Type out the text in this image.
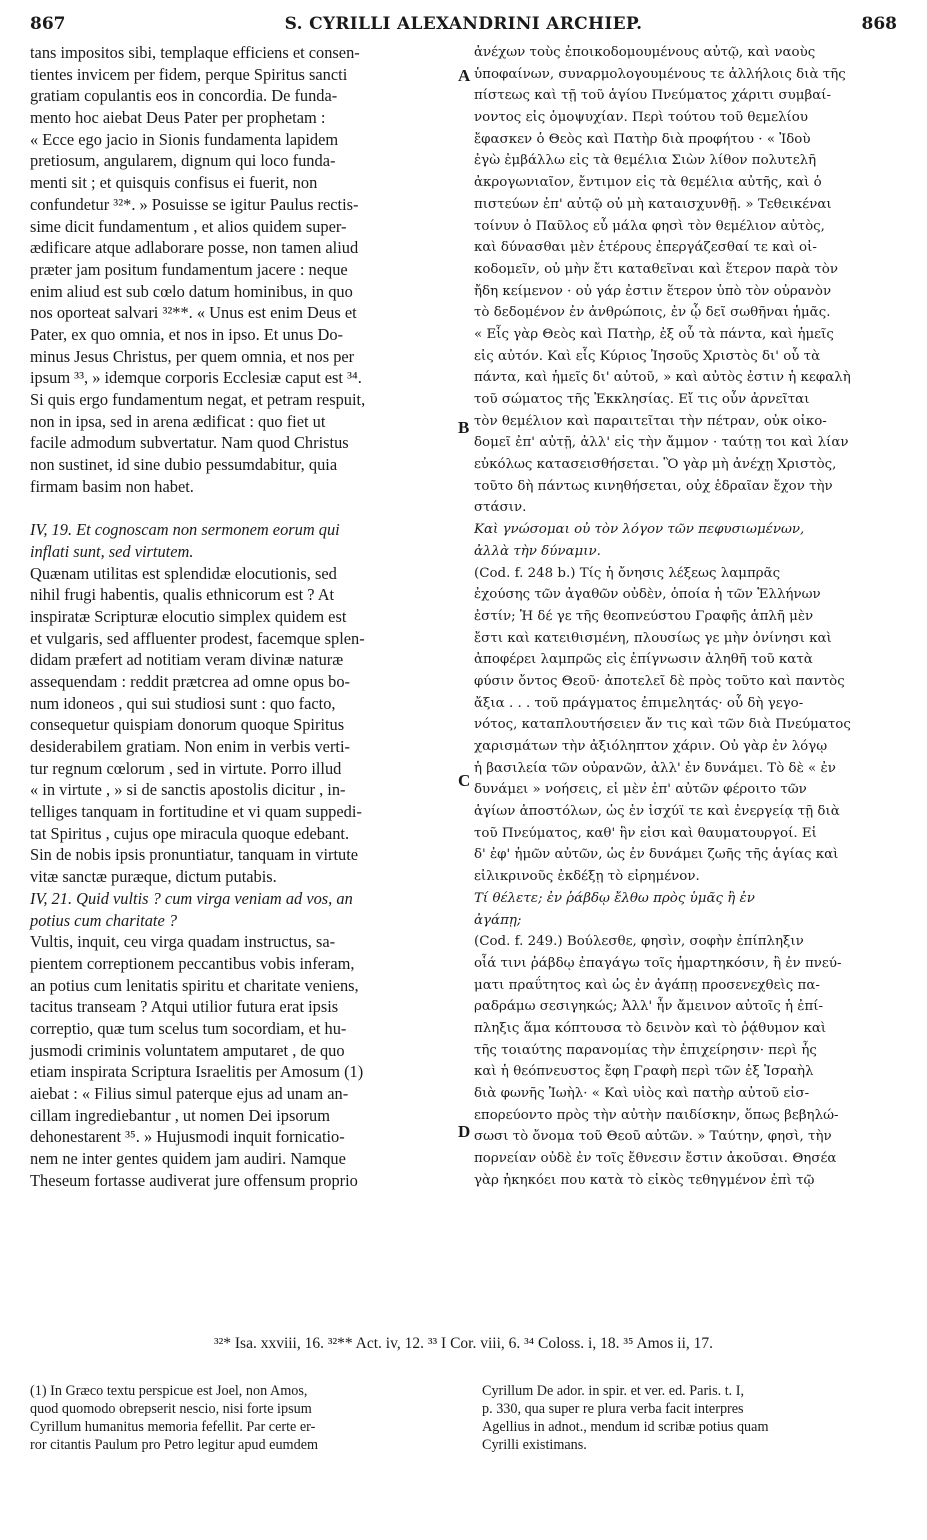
867	S. CYRILLI ALEXANDRINI ARCHIEP.	868
tans impositos sibi, templaque efficiens et consen-
tientes invicem per fidem, perque Spiritus sancti
gratiam copulantis eos in concordia. De funda-
mento hoc aiebat Deus Pater per prophetam :
« Ecce ego jacio in Sionis fundamenta lapidem
pretiosum, angularem, dignum qui loco funda-
menti sit ; et quisquis confisus ei fuerit, non
confundetur ³²*. » Posuisse se igitur Paulus rectis-
sime dicit fundamentum , et alios quidem super-
ædificare atque adlaborare posse, non tamen aliud
præter jam positum fundamentum jacere : neque
enim aliud est sub cœlo datum hominibus, in quo
nos oporteat salvari ³²**. « Unus est enim Deus et
Pater, ex quo omnia, et nos in ipso. Et unus Do-
minus Jesus Christus, per quem omnia, et nos per
ipsum ³³, » idemque corporis Ecclesiæ caput est ³⁴.
Si quis ergo fundamentum negat, et petram respuit,
non in ipsa, sed in arena ædificat : quo fiet ut
facile admodum subvertatur. Nam quod Christus
non sustinet, id sine dubio pessumdabitur, quia
firmam basim non habet.
IV, 19. Et cognoscam non sermonem eorum qui
inflati sunt, sed virtutem.
Quænam utilitas est splendidæ elocutionis, sed
nihil frugi habentis, qualis ethnicorum est ? At
inspiratæ Scripturæ elocutio simplex quidem est
et vulgaris, sed affluenter prodest, facemque splen-
didam præfert ad notitiam veram divinæ naturæ
assequendam : reddit prætcrea ad omne opus bo-
num idoneos , qui sui studiosi sunt : quo facto,
consequetur quispiam donorum quoque Spiritus
desiderabilem gratiam. Non enim in verbis verti-
tur regnum cœlorum , sed in virtute. Porro illud
« in virtute , » si de sanctis apostolis dicitur , in-
telliges tanquam in fortitudine et vi quam suppedi-
tat Spiritus , cujus ope miracula quoque edebant.
Sin de nobis ipsis pronuntiatur, tanquam in virtute
vitæ sanctæ puræque, dictum putabis.
IV, 21. Quid vultis ? cum virga veniam ad vos, an
potius cum charitate ?
Vultis, inquit, ceu virga quadam instructus, sa-
pientem correptionem peccantibus vobis inferam,
an potius cum lenitatis spiritu et charitate veniens,
tacitus transeam ? Atqui utilior futura erat ipsis
correptio, quæ tum scelus tum socordiam, et hu-
jusmodi criminis voluntatem amputaret , de quo
etiam inspirata Scriptura Israelitis per Amosum (1)
aiebat : « Filius simul paterque ejus ad unam an-
cillam ingrediebantur , ut nomen Dei ipsorum
dehonestarent ³⁵. » Hujusmodi inquit fornicatio-
nem ne inter gentes quidem jam audiri. Namque
Theseum fortasse audiverat jure offensum proprio
ἀνέχων τοὺς ἐποικοδομουμένους αὐτῷ, καὶ ναοὺς
ὑποφαίνων, συναρμολογουμένους τε ἀλλήλοις διὰ τῆς
πίστεως καὶ τῇ τοῦ ἁγίου Πνεύματος χάριτι συμβαί-
νοντος εἰς ὁμοψυχίαν. Περὶ τούτου τοῦ θεμελίου
ἔφασκεν ὁ Θεὸς καὶ Πατὴρ διὰ προφήτου · « Ἰδοὺ
ἐγὼ ἐμβάλλω εἰς τὰ θεμέλια Σιὼν λίθον πολυτελῆ
ἀκρογωνιαῖον, ἔντιμον εἰς τὰ θεμέλια αὐτῆς, καὶ ὁ
πιστεύων ἐπ' αὐτῷ οὐ μὴ καταισχυνθῇ. » Τεθεικέναι
τοίνυν ὁ Παῦλος εὖ μάλα φησὶ τὸν θεμέλιον αὐτὸς,
καὶ δύνασθαι μὲν ἑτέρους ἐπεργάζεσθαί τε καὶ οἰ-
κοδομεῖν, οὐ μὴν ἔτι καταθεῖναι καὶ ἕτερον παρὰ τὸν
ἤδη κείμενον · οὐ γάρ ἐστιν ἕτερον ὑπὸ τὸν οὐρανὸν
τὸ δεδομένον ἐν ἀνθρώποις, ἐν ᾧ δεῖ σωθῆναι ἡμᾶς.
« Εἷς γὰρ Θεὸς καὶ Πατὴρ, ἐξ οὗ τὰ πάντα, καὶ ἡμεῖς
εἰς αὐτόν. Καὶ εἷς Κύριος Ἰησοῦς Χριστὸς δι' οὗ τὰ
πάντα, καὶ ἡμεῖς δι' αὐτοῦ, » καὶ αὐτὸς ἐστιν ἡ κεφαλὴ
τοῦ σώματος τῆς Ἐκκλησίας. Εἴ τις οὖν ἀρνεῖται
τὸν θεμέλιον καὶ παραιτεῖται τὴν πέτραν, οὐκ οἰκο-
δομεῖ ἐπ' αὐτῇ, ἀλλ' εἰς τὴν ἄμμον · ταύτῃ τοι καὶ λίαν
εὐκόλως κατασεισθήσεται. Ὃ γὰρ μὴ ἀνέχῃ Χριστὸς,
τοῦτο δὴ πάντως κινηθήσεται, οὐχ ἑδραῖαν ἔχον τὴν
στάσιν.
Καὶ γνώσομαι οὐ τὸν λόγον τῶν πεφυσιωμένων,
ἀλλὰ τὴν δύναμιν.
(Cod. f. 248 b.) Τίς ἡ ὄνησις λέξεως λαμπρᾶς
ἐχούσης τῶν ἀγαθῶν οὐδὲν, ὁποία ἡ τῶν Ἑλλήνων
ἐστίν; Ἡ δέ γε τῆς θεοπνεύστου Γραφῆς ἁπλῆ μὲν
ἔστι καὶ κατειθισμένη, πλουσίως γε μὴν ὀνίνησι καὶ
ἀποφέρει λαμπρῶς εἰς ἐπίγνωσιν ἀληθῆ τοῦ κατὰ
φύσιν ὄντος Θεοῦ· ἀποτελεῖ δὲ πρὸς τοῦτο καὶ παντὸς
ἄξια . . . τοῦ πράγματος ἐπιμελητάς· οὗ δὴ γεγο-
νότος, καταπλουτήσειεν ἄν τις καὶ τῶν διὰ Πνεύματος
χαρισμάτων τὴν ἀξιόληπτον χάριν. Οὐ γὰρ ἐν λόγῳ
ἡ βασιλεία τῶν οὐρανῶν, ἀλλ' ἐν δυνάμει. Τὸ δὲ « ἐν
δυνάμει » νοήσεις, εἰ μὲν ἐπ' αὐτῶν φέροιτο τῶν
ἁγίων ἀποστόλων, ὡς ἐν ἰσχύϊ τε καὶ ἐνεργείᾳ τῇ διὰ
τοῦ Πνεύματος, καθ' ἣν εἰσι καὶ θαυματουργοί. Εἰ
δ' ἐφ' ἡμῶν αὐτῶν, ὡς ἐν δυνάμει ζωῆς τῆς ἁγίας καὶ
εἰλικρινοῦς ἐκδέξῃ τὸ εἰρημένον.
Τί θέλετε; ἐν ῥάβδῳ ἔλθω πρὸς ὑμᾶς ἢ ἐν
ἀγάπῃ;
(Cod. f. 249.) Βούλεσθε, φησὶν, σοφὴν ἐπίπληξιν
οἷά τινι ῥάβδῳ ἐπαγάγω τοῖς ἡμαρτηκόσιν, ἢ ἐν πνεύ-
ματι πραΰτητος καὶ ὡς ἐν ἀγάπῃ προσενεχθεὶς πα-
ραδράμω σεσιγηκώς; Ἀλλ' ἦν ἄμεινον αὐτοῖς ἡ ἐπί-
πληξις ἅμα κόπτουσα τὸ δεινὸν καὶ τὸ ῥᾴθυμον καὶ
τῆς τοιαύτης παρανομίας τὴν ἐπιχείρησιν· περὶ ἧς
καὶ ἡ θεόπνευστος ἔφη Γραφὴ περὶ τῶν ἐξ Ἰσραὴλ
διὰ φωνῆς Ἰωὴλ· « Καὶ υἱὸς καὶ πατὴρ αὐτοῦ εἰσ-
επορεύοντο πρὸς τὴν αὐτὴν παιδίσκην, ὅπως βεβηλώ-
σωσι τὸ ὄνομα τοῦ Θεοῦ αὐτῶν. » Ταύτην, φησὶ, τὴν
πορνείαν οὐδὲ ἐν τοῖς ἔθνεσιν ἔστιν ἀκοῦσαι. Θησέα
γὰρ ἠκηκόει που κατὰ τὸ εἰκὸς τεθηγμένον ἐπὶ τῷ
A
B
C
D
³²* Isa. xxviii, 16. ³²** Act. iv, 12. ³³ I Cor. viii, 6. ³⁴ Coloss. i, 18. ³⁵ Amos ii, 17.
(1) In Græco textu perspicue est Joel, non Amos,
quod quomodo obrepserit nescio, nisi forte ipsum
Cyrillum humanitus memoria fefellit. Par certe er-
ror citantis Paulum pro Petro legitur apud eumdem
Cyrillum De ador. in spir. et ver. ed. Paris. t. I,
p. 330, qua super re plura verba facit interpres
Agellius in adnot., mendum id scribæ potius quam
Cyrilli existimans.
